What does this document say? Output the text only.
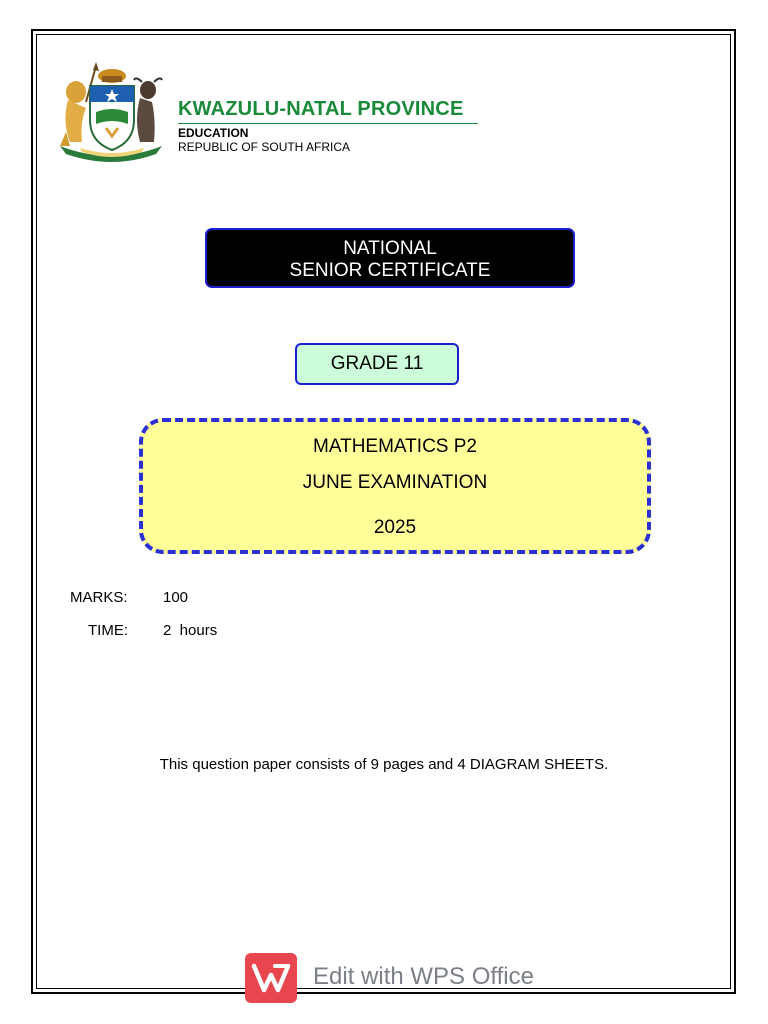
KWAZULU-NATAL PROVINCE
EDUCATION
REPUBLIC OF SOUTH AFRICA
NATIONAL
SENIOR CERTIFICATE
GRADE 11
MATHEMATICS P2
JUNE EXAMINATION
2025
MARKS: 100
TIME: 2  hours
This question paper consists of 9 pages and 4 DIAGRAM SHEETS.
Edit with WPS Office
